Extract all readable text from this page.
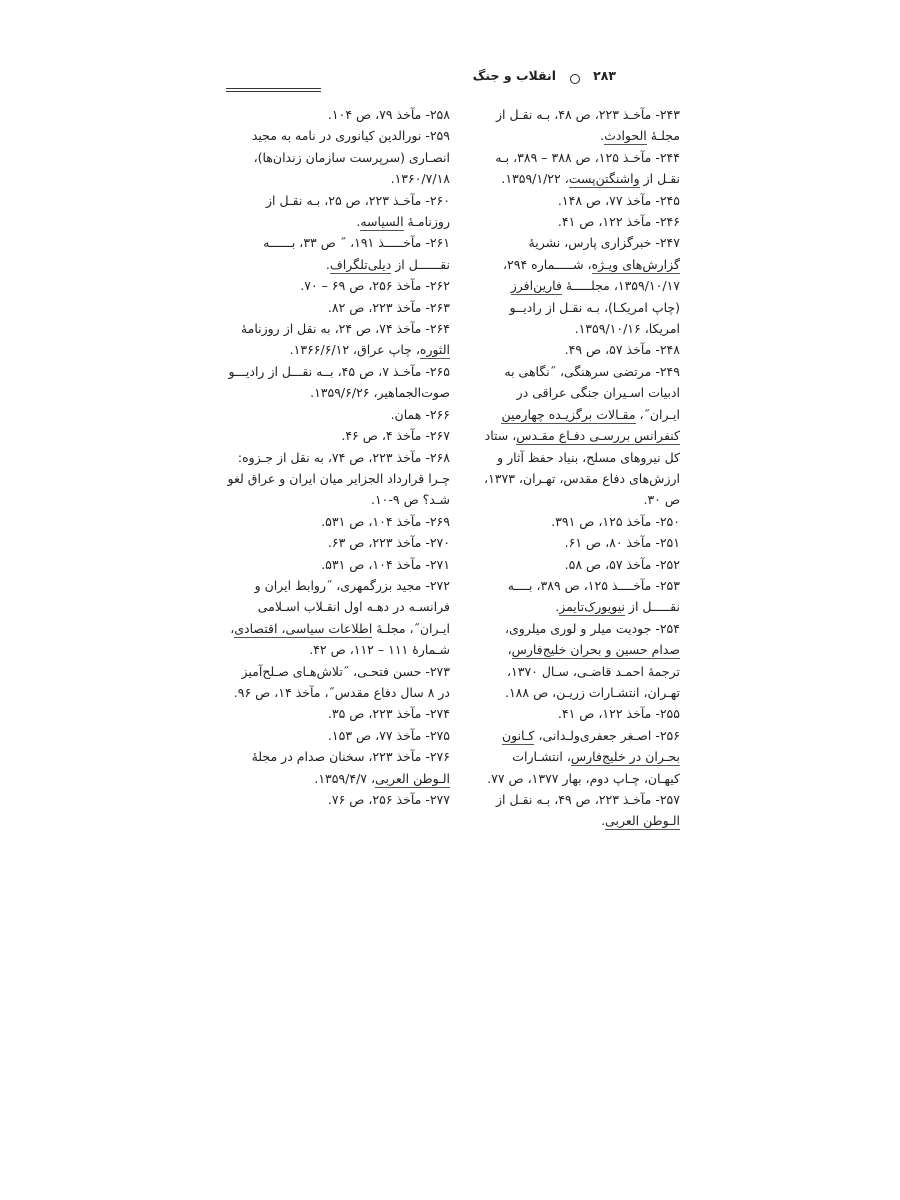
انقلاب و جنگ	۲۸۳

۲۴۳- مآخـذ ۲۲۳، ص ۴۸، بـه نقـل از مجلـهٔ الحوادث.

۲۴۴- مآخـذ ۱۲۵، ص ۳۸۸ – ۳۸۹، بـه نقـل از واشنگتن‌پست، ۱۳۵۹/۱/۲۲.

۲۴۵- مآخذ ۷۷، ص ۱۴۸.

۲۴۶- مآخذ ۱۲۲، ص ۴۱.

۲۴۷- خبرگزاری پارس، نشریهٔ گزارش‌های ویـژه، شـــــماره ۲۹۴، ۱۳۵۹/۱۰/۱۷، مجلـــــهٔ فارین‌افرز (چاپ امریکـا)، بـه نقـل از رادیــو امریکا، ۱۳۵۹/۱۰/۱۶.

۲۴۸- مآخذ ۵۷، ص ۴۹.

۲۴۹- مرتضی سرهنگی، ˝نگاهی به ادبیات اسـیران جنگی عراقی در ایـران˝، مقـالات برگزیـده چهارمین کنفرانس بررسـی دفـاع مقـدس، ستاد کل نیروهای مسلح، بنیاد حفظ آثار و ارزش‌های دفاع مقدس، تهـران، ۱۳۷۳، ص ۳۰.

۲۵۰- مآخذ ۱۲۵، ص ۳۹۱.

۲۵۱- مآخذ ۸۰، ص ۶۱.

۲۵۲- مآخذ ۵۷، ص ۵۸.

۲۵۳- مآخــــذ ۱۲۵، ص ۳۸۹، بــــه نقـــــل از نیویورک‌تایمز.

۲۵۴- جودیت میلر و لوری میلروی، صدام حسین و بحران خلیج‌فارس، ترجمهٔ احمـد قاضـی، سـال ۱۳۷۰، تهـران، انتشـارات زریـن، ص ۱۸۸.

۲۵۵- مآخذ ۱۲۲، ص ۴۱.

۲۵۶- اصـغر جعفری‌ولـدانی، کـانون بحـران در خلیج‌فارس، انتشـارات کیهـان، چـاپ دوم، بهار ۱۳۷۷، ص ۷۷.

۲۵۷- مآخـذ ۲۲۳، ص ۴۹، بـه نقـل از الـوطن العربی.

۲۵۸- مآخذ ۷۹، ص ۱۰۴.

۲۵۹- نورالدین کیانوری در نامه به مجید انصـاری (سرپرست سازمان زندان‌ها)، ۱۳۶۰/۷/۱۸.

۲۶۰- مآخـذ ۲۲۳، ص ۲۵، بـه نقـل از روزنامـهٔ السیاسه.

۲۶۱- مآخـــــذ ۱۹۱، ˝ ص ۳۳، بــــــه نقــــــل از دیلی‌تلگراف.

۲۶۲- مآخذ ۲۵۶، ص ۶۹ – ۷۰.

۲۶۳- مآخذ ۲۲۳، ص ۸۲.

۲۶۴- مآخذ ۷۴، ص ۲۴، به نقل از روزنامهٔ الثوره، چاپ عراق، ۱۳۶۶/۶/۱۲.

۲۶۵- مآخـذ ۷، ص ۴۵، بــه نقـــل از رادیـــو صوت‌الجماهیر، ۱۳۵۹/۶/۲۶.

۲۶۶- همان.

۲۶۷- مآخذ ۴، ص ۴۶.

۲۶۸- مآخذ ۲۲۳، ص ۷۴، به نقل از جـزوه: چـرا قرارداد الجزایر میان ایران و عراق لغو شـد؟ ص ۹-۱۰.

۲۶۹- مآخذ ۱۰۴، ص ۵۳۱.

۲۷۰- مآخذ ۲۲۳، ص ۶۳.

۲۷۱- مآخذ ۱۰۴، ص ۵۳۱.

۲۷۲- مجید بزرگمهری، ˝روابط ایران و فرانسـه در دهـه اول انقـلاب اسـلامی ایـران˝، مجلـهٔ اطلاعات سیاسی، اقتصادی، شـمارهٔ ۱۱۱ – ۱۱۲، ص ۴۲.

۲۷۳- حسن فتحـی، ˝تلاش‌هـای صـلح‌آمیز در ۸ سال دفاع مقدس˝، مآخذ ۱۴، ص ۹۶.

۲۷۴- مآخذ ۲۲۳، ص ۳۵.

۲۷۵- مآخذ ۷۷، ص ۱۵۳.

۲۷۶- مآخذ ۲۲۳، سخنان صدام در مجلهٔ الـوطن العربی، ۱۳۵۹/۴/۷.

۲۷۷- مآخذ ۲۵۶، ص ۷۶.
